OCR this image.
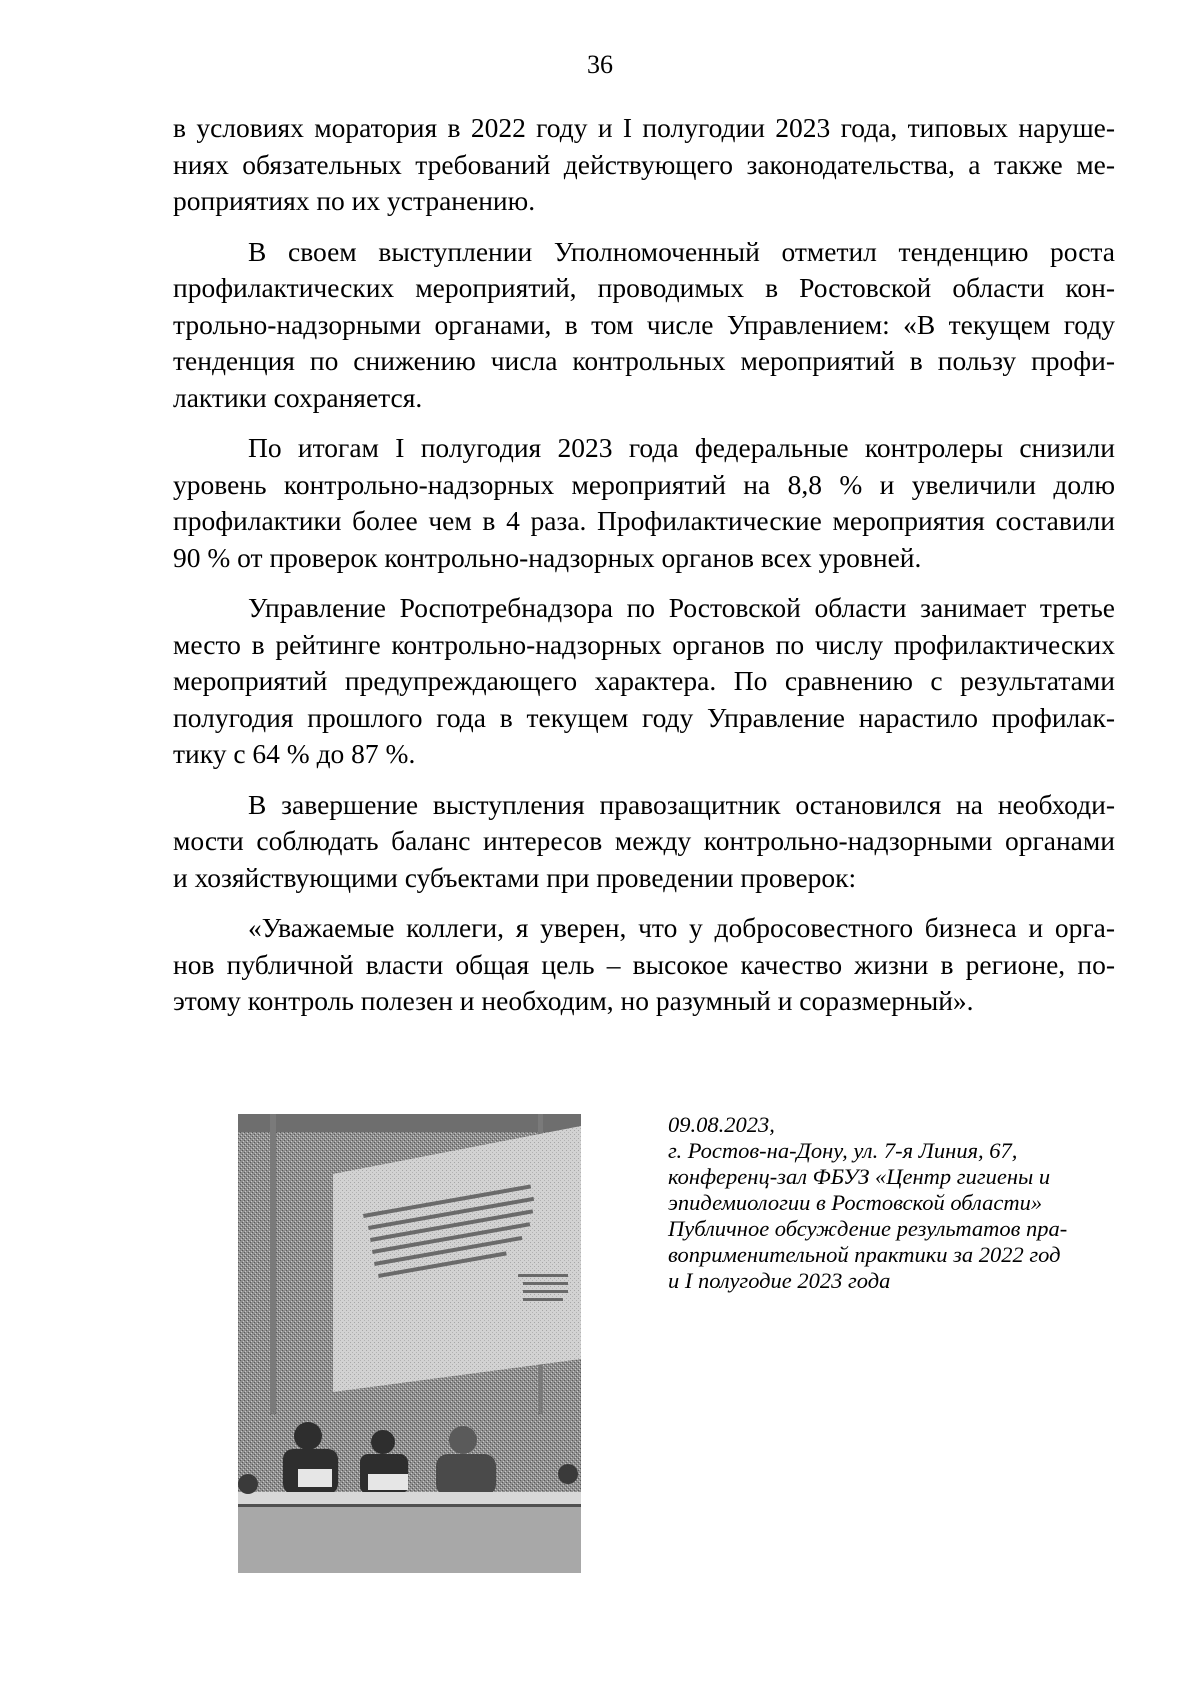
36

в условиях моратория в 2022 году и I полугодии 2023 года, типовых наруше-
ниях обязательных требований действующего законодательства, а также ме-
роприятиях по их устранению.

В своем выступлении Уполномоченный отметил тенденцию роста
профилактических мероприятий, проводимых в Ростовской области кон-
трольно-надзорными органами, в том числе Управлением: «В текущем году
тенденция по снижению числа контрольных мероприятий в пользу профи-
лактики сохраняется.

По итогам I полугодия 2023 года федеральные контролеры снизили
уровень контрольно-надзорных мероприятий на 8,8 % и увеличили долю
профилактики более чем в 4 раза. Профилактические мероприятия составили
90 % от проверок контрольно-надзорных органов всех уровней.

Управление Роспотребнадзора по Ростовской области занимает третье
место в рейтинге контрольно-надзорных органов по числу профилактических
мероприятий предупреждающего характера. По сравнению с результатами
полугодия прошлого года в текущем году Управление нарастило профилак-
тику с 64 % до 87 %.

В завершение выступления правозащитник остановился на необходи-
мости соблюдать баланс интересов между контрольно-надзорными органами
и хозяйствующими субъектами при проведении проверок:

«Уважаемые коллеги, я уверен, что у добросовестного бизнеса и орга-
нов публичной власти общая цель – высокое качество жизни в регионе, по-
этому контроль полезен и необходим, но разумный и соразмерный».

09.08.2023,
г. Ростов-на-Дону, ул. 7-я Линия, 67,
конференц-зал ФБУЗ «Центр гигиены и
эпидемиологии в Ростовской области»
Публичное обсуждение результатов пра-
воприменительной практики за 2022 год
и I полугодие 2023 года
